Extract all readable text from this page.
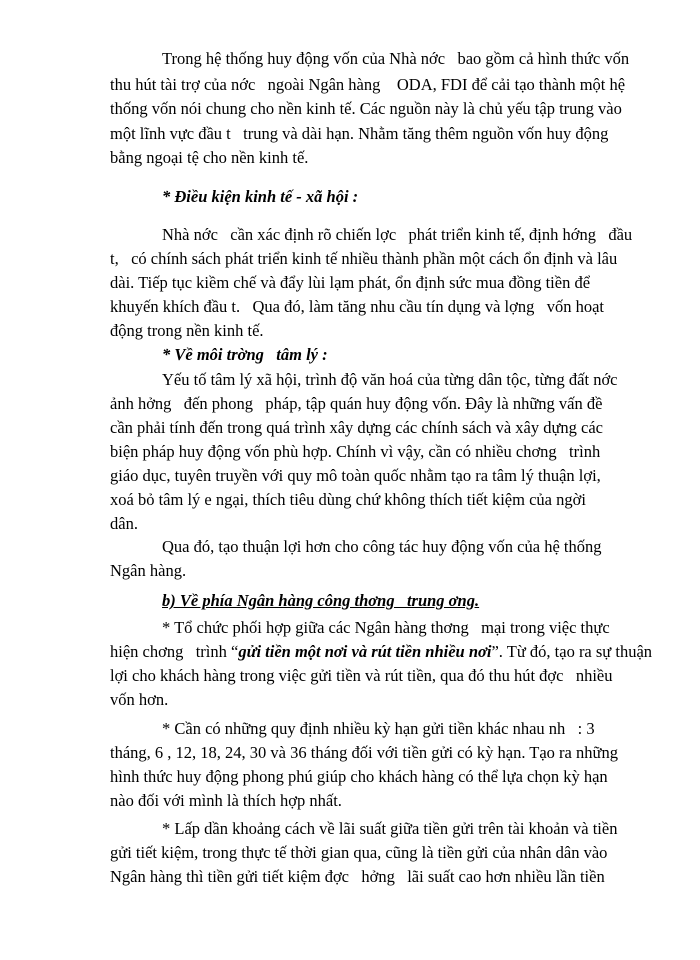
Trong hệ thống huy động vốn của Nhà nớc   bao gồm cả hình thức vốn
thu hút tài trợ của nớc   ngoài Ngân hàng    ODA, FDI để cải tạo thành một hệ
thống vốn nói chung cho nền kinh tế. Các nguồn này là chủ yếu tập trung vào
một lĩnh vực đầu t   trung và dài hạn. Nhằm tăng thêm nguồn vốn huy động
bằng ngoại tệ cho nền kinh tế.
* Điều kiện kinh tế - xã hội :
Nhà nớc   cần xác định rõ chiến lợc   phát triển kinh tế, định hớng   đầu
t,   có chính sách phát triển kinh tế nhiều thành phần một cách ổn định và lâu
dài. Tiếp tục kiềm chế và đẩy lùi lạm phát, ổn định sức mua đồng tiền để
khuyến khích đầu t.   Qua đó, làm tăng nhu cầu tín dụng và lợng   vốn hoạt
động trong nền kinh tế.
* Về môi trờng   tâm lý :
Yếu tố tâm lý xã hội, trình độ văn hoá của từng dân tộc, từng đất nớc
ảnh hởng   đến phong   pháp, tập quán huy động vốn. Đây là những vấn đề
cần phải tính đến trong quá trình xây dựng các chính sách và xây dựng các
biện pháp huy động vốn phù hợp. Chính vì vậy, cần có nhiều chơng   trình
giáo dục, tuyên truyền với quy mô toàn quốc nhằm tạo ra tâm lý thuận lợi,
xoá bỏ tâm lý e ngại, thích tiêu dùng chứ không thích tiết kiệm của ngời
dân.
Qua đó, tạo thuận lợi hơn cho công tác huy động vốn của hệ thống
Ngân hàng.
b) Về phía Ngân hàng công thơng   trung ơng.
* Tổ chức phối hợp giữa các Ngân hàng thơng   mại trong việc thực
hiện chơng   trình “gửi tiền một nơi và rút tiền nhiều nơi”. Từ đó, tạo ra sự thuận
lợi cho khách hàng trong việc gửi tiền và rút tiền, qua đó thu hút đợc   nhiều
vốn hơn.
* Cần có những quy định nhiều kỳ hạn gửi tiền khác nhau nh   : 3
tháng, 6 , 12, 18, 24, 30 và 36 tháng đối với tiền gửi có kỳ hạn. Tạo ra những
hình thức huy động phong phú giúp cho khách hàng có thể lựa chọn kỳ hạn
nào đối với mình là thích hợp nhất.
* Lấp dần khoảng cách về lãi suất giữa tiền gửi trên tài khoản và tiền
gửi tiết kiệm, trong thực tế thời gian qua, cũng là tiền gửi của nhân dân vào
Ngân hàng thì tiền gửi tiết kiệm đợc   hởng   lãi suất cao hơn nhiều lần tiền
